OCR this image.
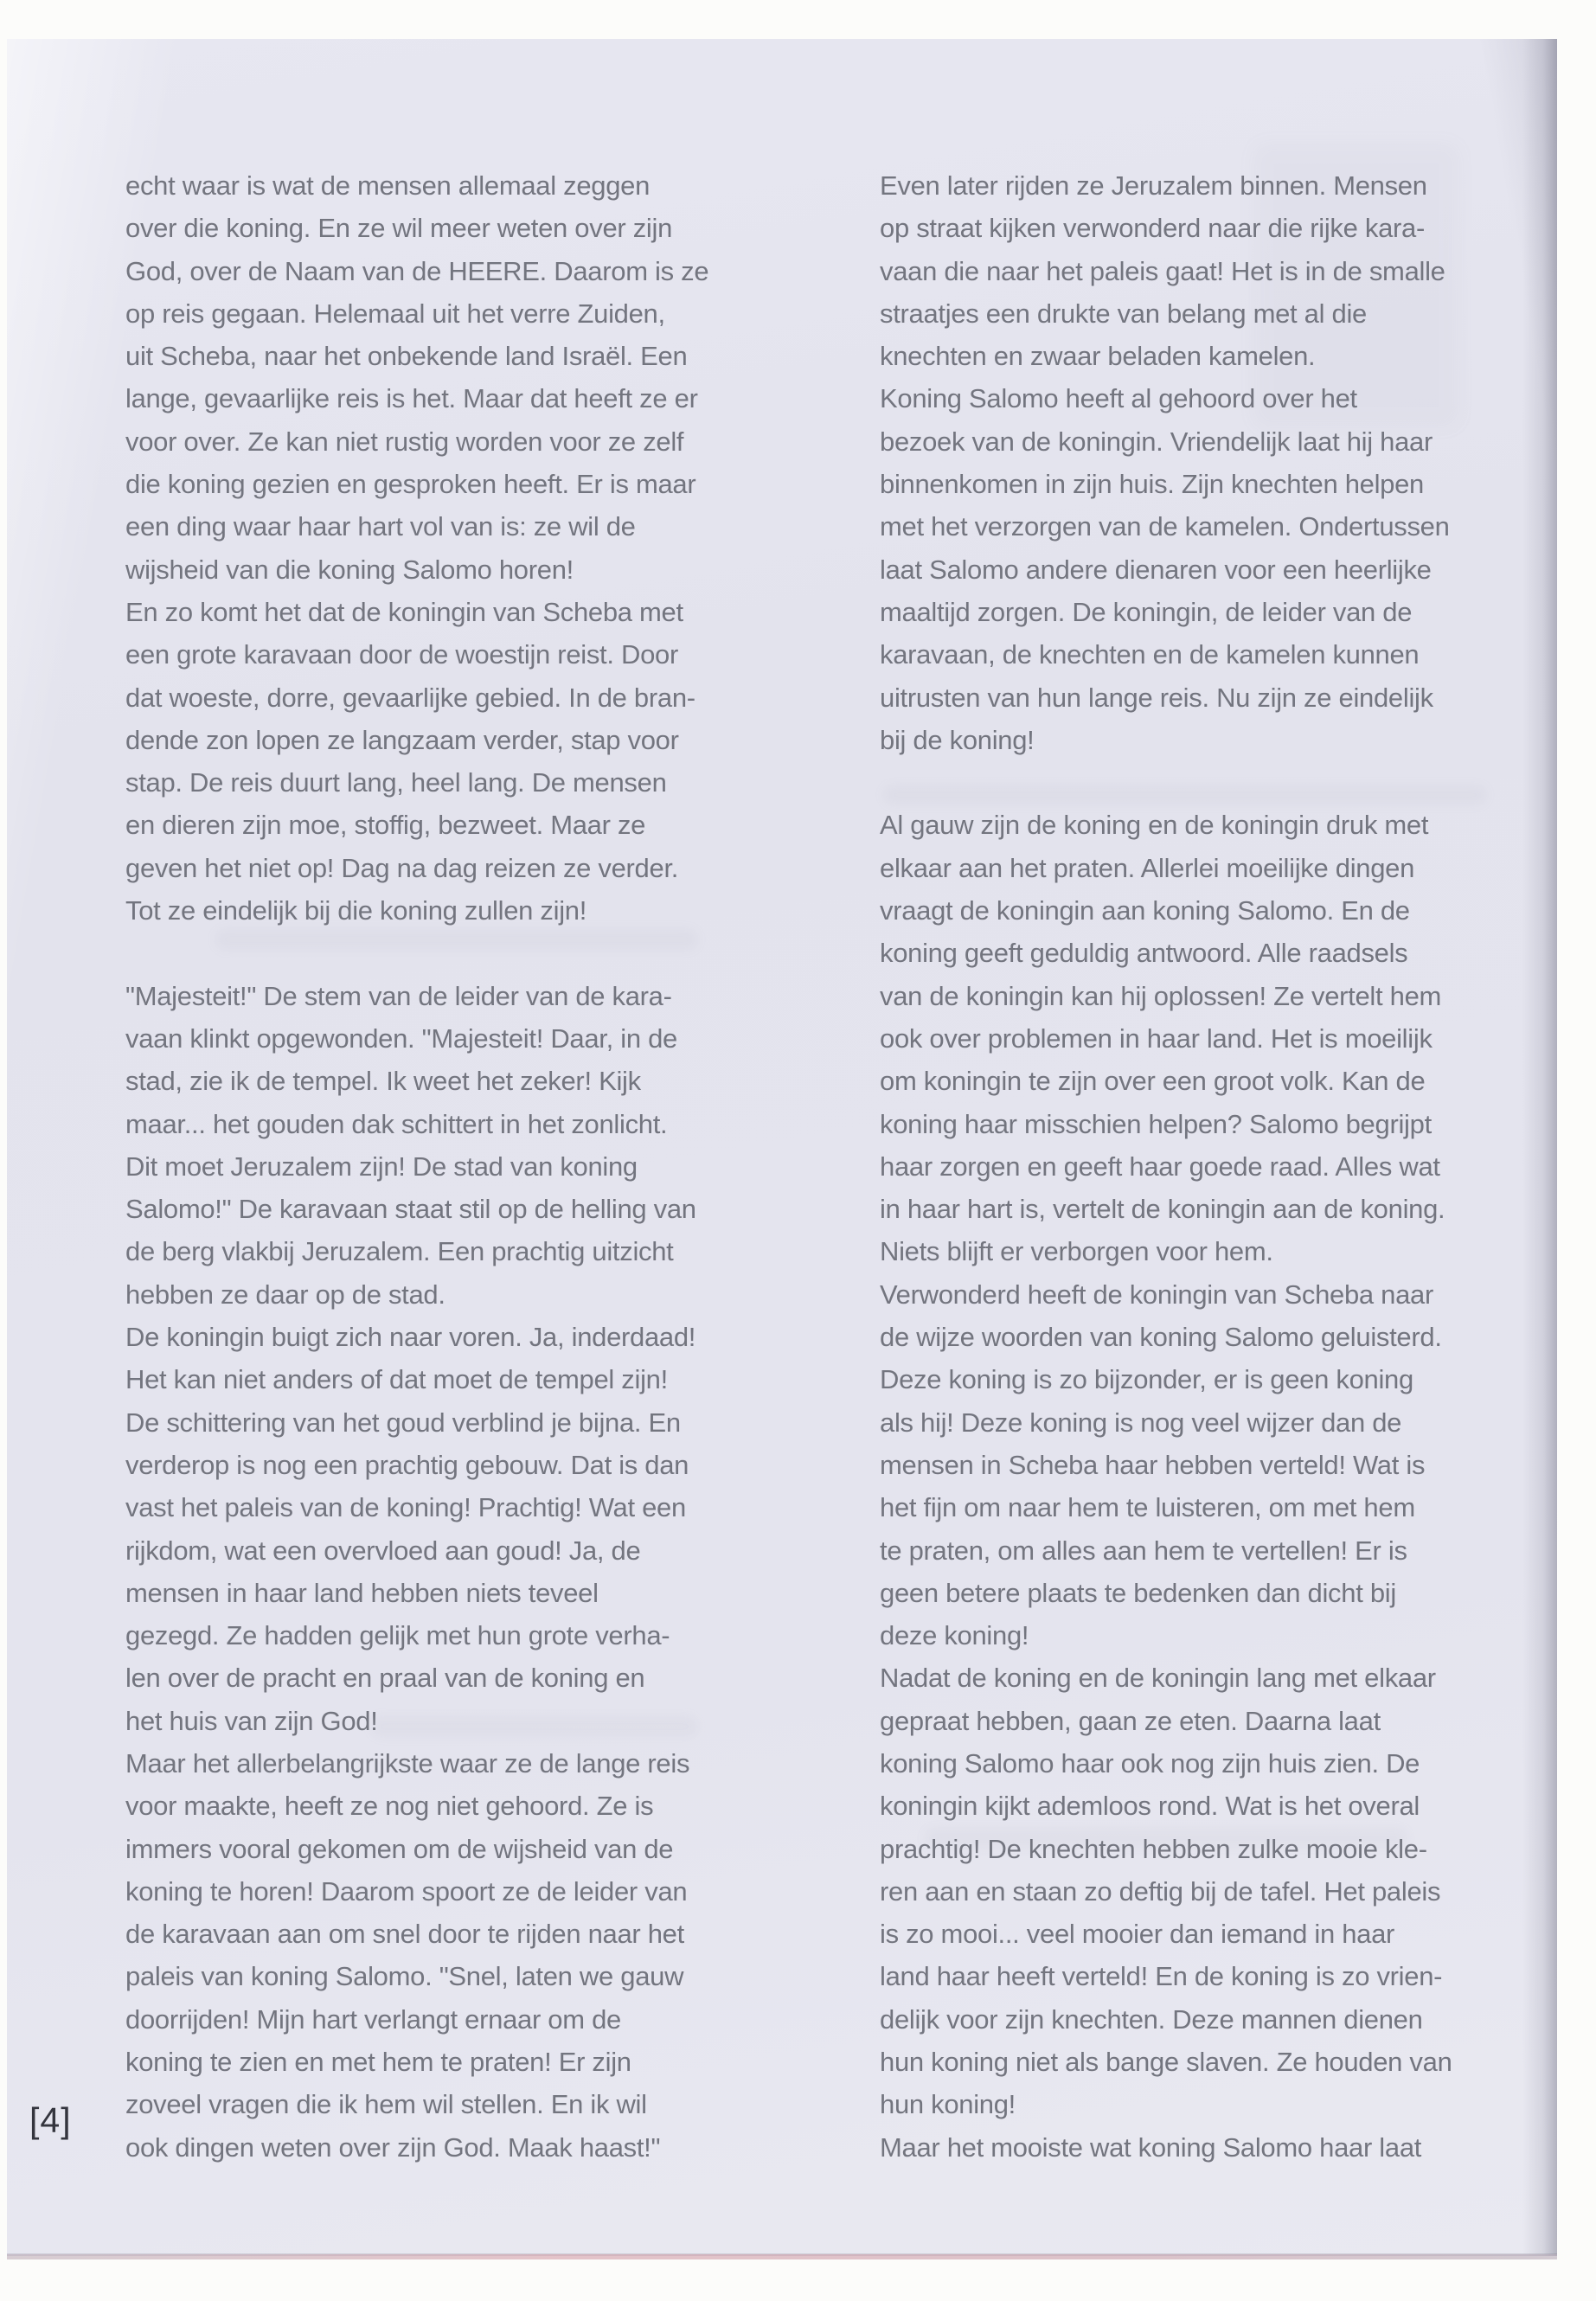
echt waar is wat de mensen allemaal zeggen
over die koning. En ze wil meer weten over zijn
God, over de Naam van de HEERE. Daarom is ze
op reis gegaan. Helemaal uit het verre Zuiden,
uit Scheba, naar het onbekende land Israël. Een
lange, gevaarlijke reis is het. Maar dat heeft ze er
voor over. Ze kan niet rustig worden voor ze zelf
die koning gezien en gesproken heeft. Er is maar
een ding waar haar hart vol van is: ze wil de
wijsheid van die koning Salomo horen!
En zo komt het dat de koningin van Scheba met
een grote karavaan door de woestijn reist. Door
dat woeste, dorre, gevaarlijke gebied. In de bran-
dende zon lopen ze langzaam verder, stap voor
stap. De reis duurt lang, heel lang. De mensen
en dieren zijn moe, stoffig, bezweet. Maar ze
geven het niet op! Dag na dag reizen ze verder.
Tot ze eindelijk bij die koning zullen zijn!

"Majesteit!" De stem van de leider van de kara-
vaan klinkt opgewonden. "Majesteit! Daar, in de
stad, zie ik de tempel. Ik weet het zeker! Kijk
maar... het gouden dak schittert in het zonlicht.
Dit moet Jeruzalem zijn! De stad van koning
Salomo!" De karavaan staat stil op de helling van
de berg vlakbij Jeruzalem. Een prachtig uitzicht
hebben ze daar op de stad.
De koningin buigt zich naar voren. Ja, inderdaad!
Het kan niet anders of dat moet de tempel zijn!
De schittering van het goud verblind je bijna. En
verderop is nog een prachtig gebouw. Dat is dan
vast het paleis van de koning! Prachtig! Wat een
rijkdom, wat een overvloed aan goud! Ja, de
mensen in haar land hebben niets teveel
gezegd. Ze hadden gelijk met hun grote verha-
len over de pracht en praal van de koning en
het huis van zijn God!
Maar het allerbelangrijkste waar ze de lange reis
voor maakte, heeft ze nog niet gehoord. Ze is
immers vooral gekomen om de wijsheid van de
koning te horen! Daarom spoort ze de leider van
de karavaan aan om snel door te rijden naar het
paleis van koning Salomo. "Snel, laten we gauw
doorrijden! Mijn hart verlangt ernaar om de
koning te zien en met hem te praten! Er zijn
zoveel vragen die ik hem wil stellen. En ik wil
ook dingen weten over zijn God. Maak haast!"
Even later rijden ze Jeruzalem binnen. Mensen
op straat kijken verwonderd naar die rijke kara-
vaan die naar het paleis gaat! Het is in de smalle
straatjes een drukte van belang met al die
knechten en zwaar beladen kamelen.
Koning Salomo heeft al gehoord over het
bezoek van de koningin. Vriendelijk laat hij haar
binnenkomen in zijn huis. Zijn knechten helpen
met het verzorgen van de kamelen. Ondertussen
laat Salomo andere dienaren voor een heerlijke
maaltijd zorgen. De koningin, de leider van de
karavaan, de knechten en de kamelen kunnen
uitrusten van hun lange reis. Nu zijn ze eindelijk
bij de koning!

Al gauw zijn de koning en de koningin druk met
elkaar aan het praten. Allerlei moeilijke dingen
vraagt de koningin aan koning Salomo. En de
koning geeft geduldig antwoord. Alle raadsels
van de koningin kan hij oplossen! Ze vertelt hem
ook over problemen in haar land. Het is moeilijk
om koningin te zijn over een groot volk. Kan de
koning haar misschien helpen? Salomo begrijpt
haar zorgen en geeft haar goede raad. Alles wat
in haar hart is, vertelt de koningin aan de koning.
Niets blijft er verborgen voor hem.
Verwonderd heeft de koningin van Scheba naar
de wijze woorden van koning Salomo geluisterd.
Deze koning is zo bijzonder, er is geen koning
als hij! Deze koning is nog veel wijzer dan de
mensen in Scheba haar hebben verteld! Wat is
het fijn om naar hem te luisteren, om met hem
te praten, om alles aan hem te vertellen! Er is
geen betere plaats te bedenken dan dicht bij
deze koning!
Nadat de koning en de koningin lang met elkaar
gepraat hebben, gaan ze eten. Daarna laat
koning Salomo haar ook nog zijn huis zien. De
koningin kijkt ademloos rond. Wat is het overal
prachtig! De knechten hebben zulke mooie kle-
ren aan en staan zo deftig bij de tafel. Het paleis
is zo mooi... veel mooier dan iemand in haar
land haar heeft verteld! En de koning is zo vrien-
delijk voor zijn knechten. Deze mannen dienen
hun koning niet als bange slaven. Ze houden van
hun koning!
Maar het mooiste wat koning Salomo haar laat
[4]
